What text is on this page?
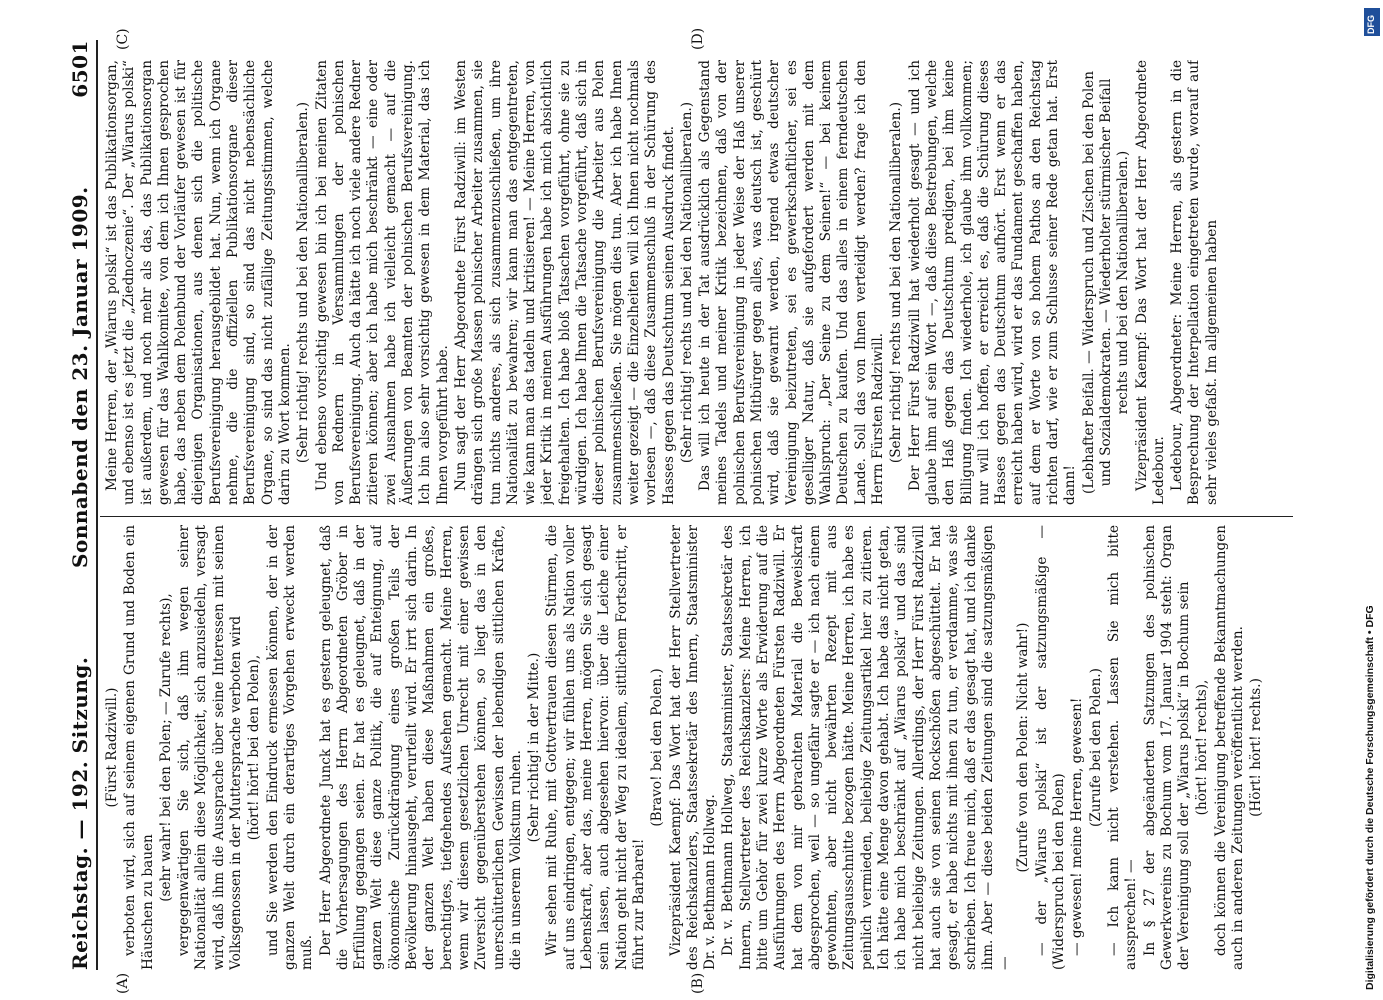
Reichstag. — 192. Sitzung.
Sonnabend den 23. Januar 1909.
6501
(A)	(B)
(C)	(D)

(Fürst Radziwill.) verboten wird, sich auf seinem eigenen Grund und Boden ein Häuschen zu bauen

(sehr wahr! bei den Polen; — Zurufe rechts), vergegenwärtigen Sie sich, daß ihm wegen seiner Nationalität allein diese Möglichkeit, sich anzusiedeln, versagt wird, daß ihm die Aussprache über seine Interessen mit seinen Volksgenossen in der Muttersprache verboten wird (hört! hört! bei den Polen), und Sie werden den Eindruck ermessen können, der in der ganzen Welt durch ein derartiges Vorgehen erweckt werden muß. Der Herr Abgeordnete Junck hat es gestern geleugnet, daß die Vorhersagungen des Herrn Abgeordneten Gröber in Erfüllung gegangen seien. Er hat es geleugnet, daß in der ganzen Welt diese ganze Politik, die auf Enteignung, auf ökonomische Zurückdrängung eines großen Teils der Bevölkerung hinausgeht, verurteilt wird. Er irrt sich darin. In der ganzen Welt haben diese Maßnahmen ein großes, berechtigtes, tiefgehendes Aufsehen gemacht. Meine Herren, wenn wir diesem gesetzlichen Unrecht mit einer gewissen Zuversicht gegenüberstehen können, so liegt das in den unerschütterlichen Gewissen der lebendigen sittlichen Kräfte, die in unserem Volkstum ruhen.

(Sehr richtig! in der Mitte.) Wir sehen mit Ruhe, mit Gottvertrauen diesen Stürmen, die auf uns eindringen, entgegen; wir fühlen uns als Nation voller Lebenskraft, aber das, meine Herren, mögen Sie sich gesagt sein lassen, auch abgesehen hiervon: über die Leiche einer Nation geht nicht der Weg zu idealem, sittlichem Fortschritt, er führt zur Barbarei!

(Bravo! bei den Polen.) Vizepräsident Kaempf: Das Wort hat der Herr Stellvertreter des Reichskanzlers, Staatssekretär des Innern, Staatsminister Dr. v. Bethmann Hollweg. Dr. v. Bethmann Hollweg, Staatsminister, Staatssekretär des Innern, Stellvertreter des Reichskanzlers: Meine Herren, ich bitte um Gehör für zwei kurze Worte als Erwiderung auf die Ausführungen des Herrn Abgeordneten Fürsten Radziwill. Er hat dem von mir gebrachten Material die Beweiskraft abgesprochen, weil — so ungefähr sagte er — ich nach einem gewohnten, aber nicht bewährten Rezept mit aus Zeitungsausschnitte bezogen hätte. Meine Herren, ich habe es peinlich vermieden, beliebige Zeitungsartikel hier zu zitieren. Ich hätte eine Menge davon gehabt. Ich habe das nicht getan, ich habe mich beschränkt auf „Wiarus polski“ und das sind nicht beliebige Zeitungen. Allerdings, der Herr Fürst Radziwill hat auch sie von seinen Rockschößen abgeschüttelt. Er hat gesagt, er habe nichts mit ihnen zu tun, er verdamme, was sie schrieben. Ich freue mich, daß er das gesagt hat, und ich danke ihm. Aber — diese beiden Zeitungen sind die satzungsmäßigen —

(Zurufe von den Polen: Nicht wahr!) — der „Wiarus polski“ ist der satzungsmäßige — (Widerspruch bei den Polen) — gewesen! meine Herren, gewesen! (Zurufe bei den Polen.) — Ich kann nicht verstehen. Lassen Sie mich bitte aussprechen! — In § 27 der abgeänderten Satzungen des polnischen Gewerkvereins zu Bochum vom 17. Januar 1904 steht: Organ der Vereinigung soll der „Wiarus polski“ in Bochum sein (hört! hört! rechts), doch können die Vereinigung betreffende Bekanntmachungen auch in anderen Zeitungen veröffentlicht werden. (Hört! hört! rechts.)

Meine Herren, der „Wiarus polski“ ist das Publikationsorgan, und ebenso ist es jetzt die „Ziednoczenie“. Der „Wiarus polski“ ist außerdem, und noch mehr als das, das Publikationsorgan gewesen für das Wahlkomitee, von dem ich Ihnen gesprochen habe, das neben dem Polenbund der Vorläufer gewesen ist für diejenigen Organisationen, aus denen sich die politische Berufsvereinigung herausgebildet hat. Nun, wenn ich Organe nehme, die die offiziellen Publikationsorgane dieser Berufsvereinigung sind, so sind das nicht nebensächliche Organe, so sind das nicht zufällige Zeitungsstimmen, welche darin zu Wort kommen. (Sehr richtig! rechts und bei den Nationalliberalen.) Und ebenso vorsichtig gewesen bin ich bei meinen Zitaten von Rednern in Versammlungen der polnischen Berufsvereinigung. Auch da hätte ich noch viele andere Redner zitieren können; aber ich habe mich beschränkt — eine oder zwei Ausnahmen habe ich vielleicht gemacht — auf die Äußerungen von Beamten der polnischen Berufsvereinigung. Ich bin also sehr vorsichtig gewesen in dem Material, das ich Ihnen vorgeführt habe. Nun sagt der Herr Abgeordnete Fürst Radziwill: im Westen drängen sich große Massen polnischer Arbeiter zusammen, sie tun nichts anderes, als sich zusammenzuschließen, um ihre Nationalität zu bewahren; wir kann man das entgegentreten, wie kann man das tadeln und kritisieren! — Meine Herren, von jeder Kritik in meinen Ausführungen habe ich mich absichtlich freigehalten. Ich habe bloß Tatsachen vorgeführt, ohne sie zu würdigen. Ich habe Ihnen die Tatsache vorgeführt, daß sich in dieser polnischen Berufsvereinigung die Arbeiter aus Polen zusammenschließen. Sie mögen dies tun. Aber ich habe Ihnen weiter gezeigt — die Einzelheiten will ich Ihnen nicht nochmals vorlesen —, daß diese Zusammenschluß in der Schürung des Hasses gegen das Deutschtum seinen Ausdruck findet. (Sehr richtig! rechts und bei den Nationalliberalen.) Das will ich heute in der Tat ausdrücklich als Gegenstand meines Tadels und meiner Kritik bezeichnen, daß von der polnischen Berufsvereinigung in jeder Weise der Haß unserer polnischen Mitbürger gegen alles, was deutsch ist, geschürt wird, daß sie gewarnt werden, irgend etwas deutscher Vereinigung beizutreten, sei es gewerkschaftlicher, sei es geselliger Natur, daß sie aufgefordert werden mit dem Wahlspruch: „Der Seine zu dem Seinen!“ — bei keinem Deutschen zu kaufen. Und das alles in einem ferndeutschen Lande. Soll das von Ihnen verteidigt werden? frage ich den Herrn Fürsten Radziwill. (Sehr richtig! rechts und bei den Nationalliberalen.) Der Herr Fürst Radziwill hat wiederholt gesagt — und ich glaube ihm auf sein Wort —, daß diese Bestrebungen, welche den Haß gegen das Deutschtum predigen, bei ihm keine Billigung finden. Ich wiederhole, ich glaube ihm vollkommen; nur will ich hoffen, er erreicht es, daß die Schürung dieses Hasses gegen das Deutschtum aufhört. Erst wenn er das erreicht haben wird, wird er das Fundament geschaffen haben, auf dem er Worte von so hohem Pathos an den Reichstag richten darf, wie er zum Schlusse seiner Rede getan hat. Erst dann! (Lebhafter Beifall. — Widerspruch und Zischen bei den Polen und Sozialdemokraten. — Wiederholter stürmischer Beifall rechts und bei den Nationalliberalen.) Vizepräsident Kaempf: Das Wort hat der Herr Abgeordnete Ledebour. Ledebour, Abgeordneter: Meine Herren, als gestern in die Besprechung der Interpellation eingetreten wurde, worauf auf sehr vieles gefaßt. Im allgemeinen haben

Digitalisierung gefördert durch die Deutsche Forschungsgemeinschaft • DFG
DFG
